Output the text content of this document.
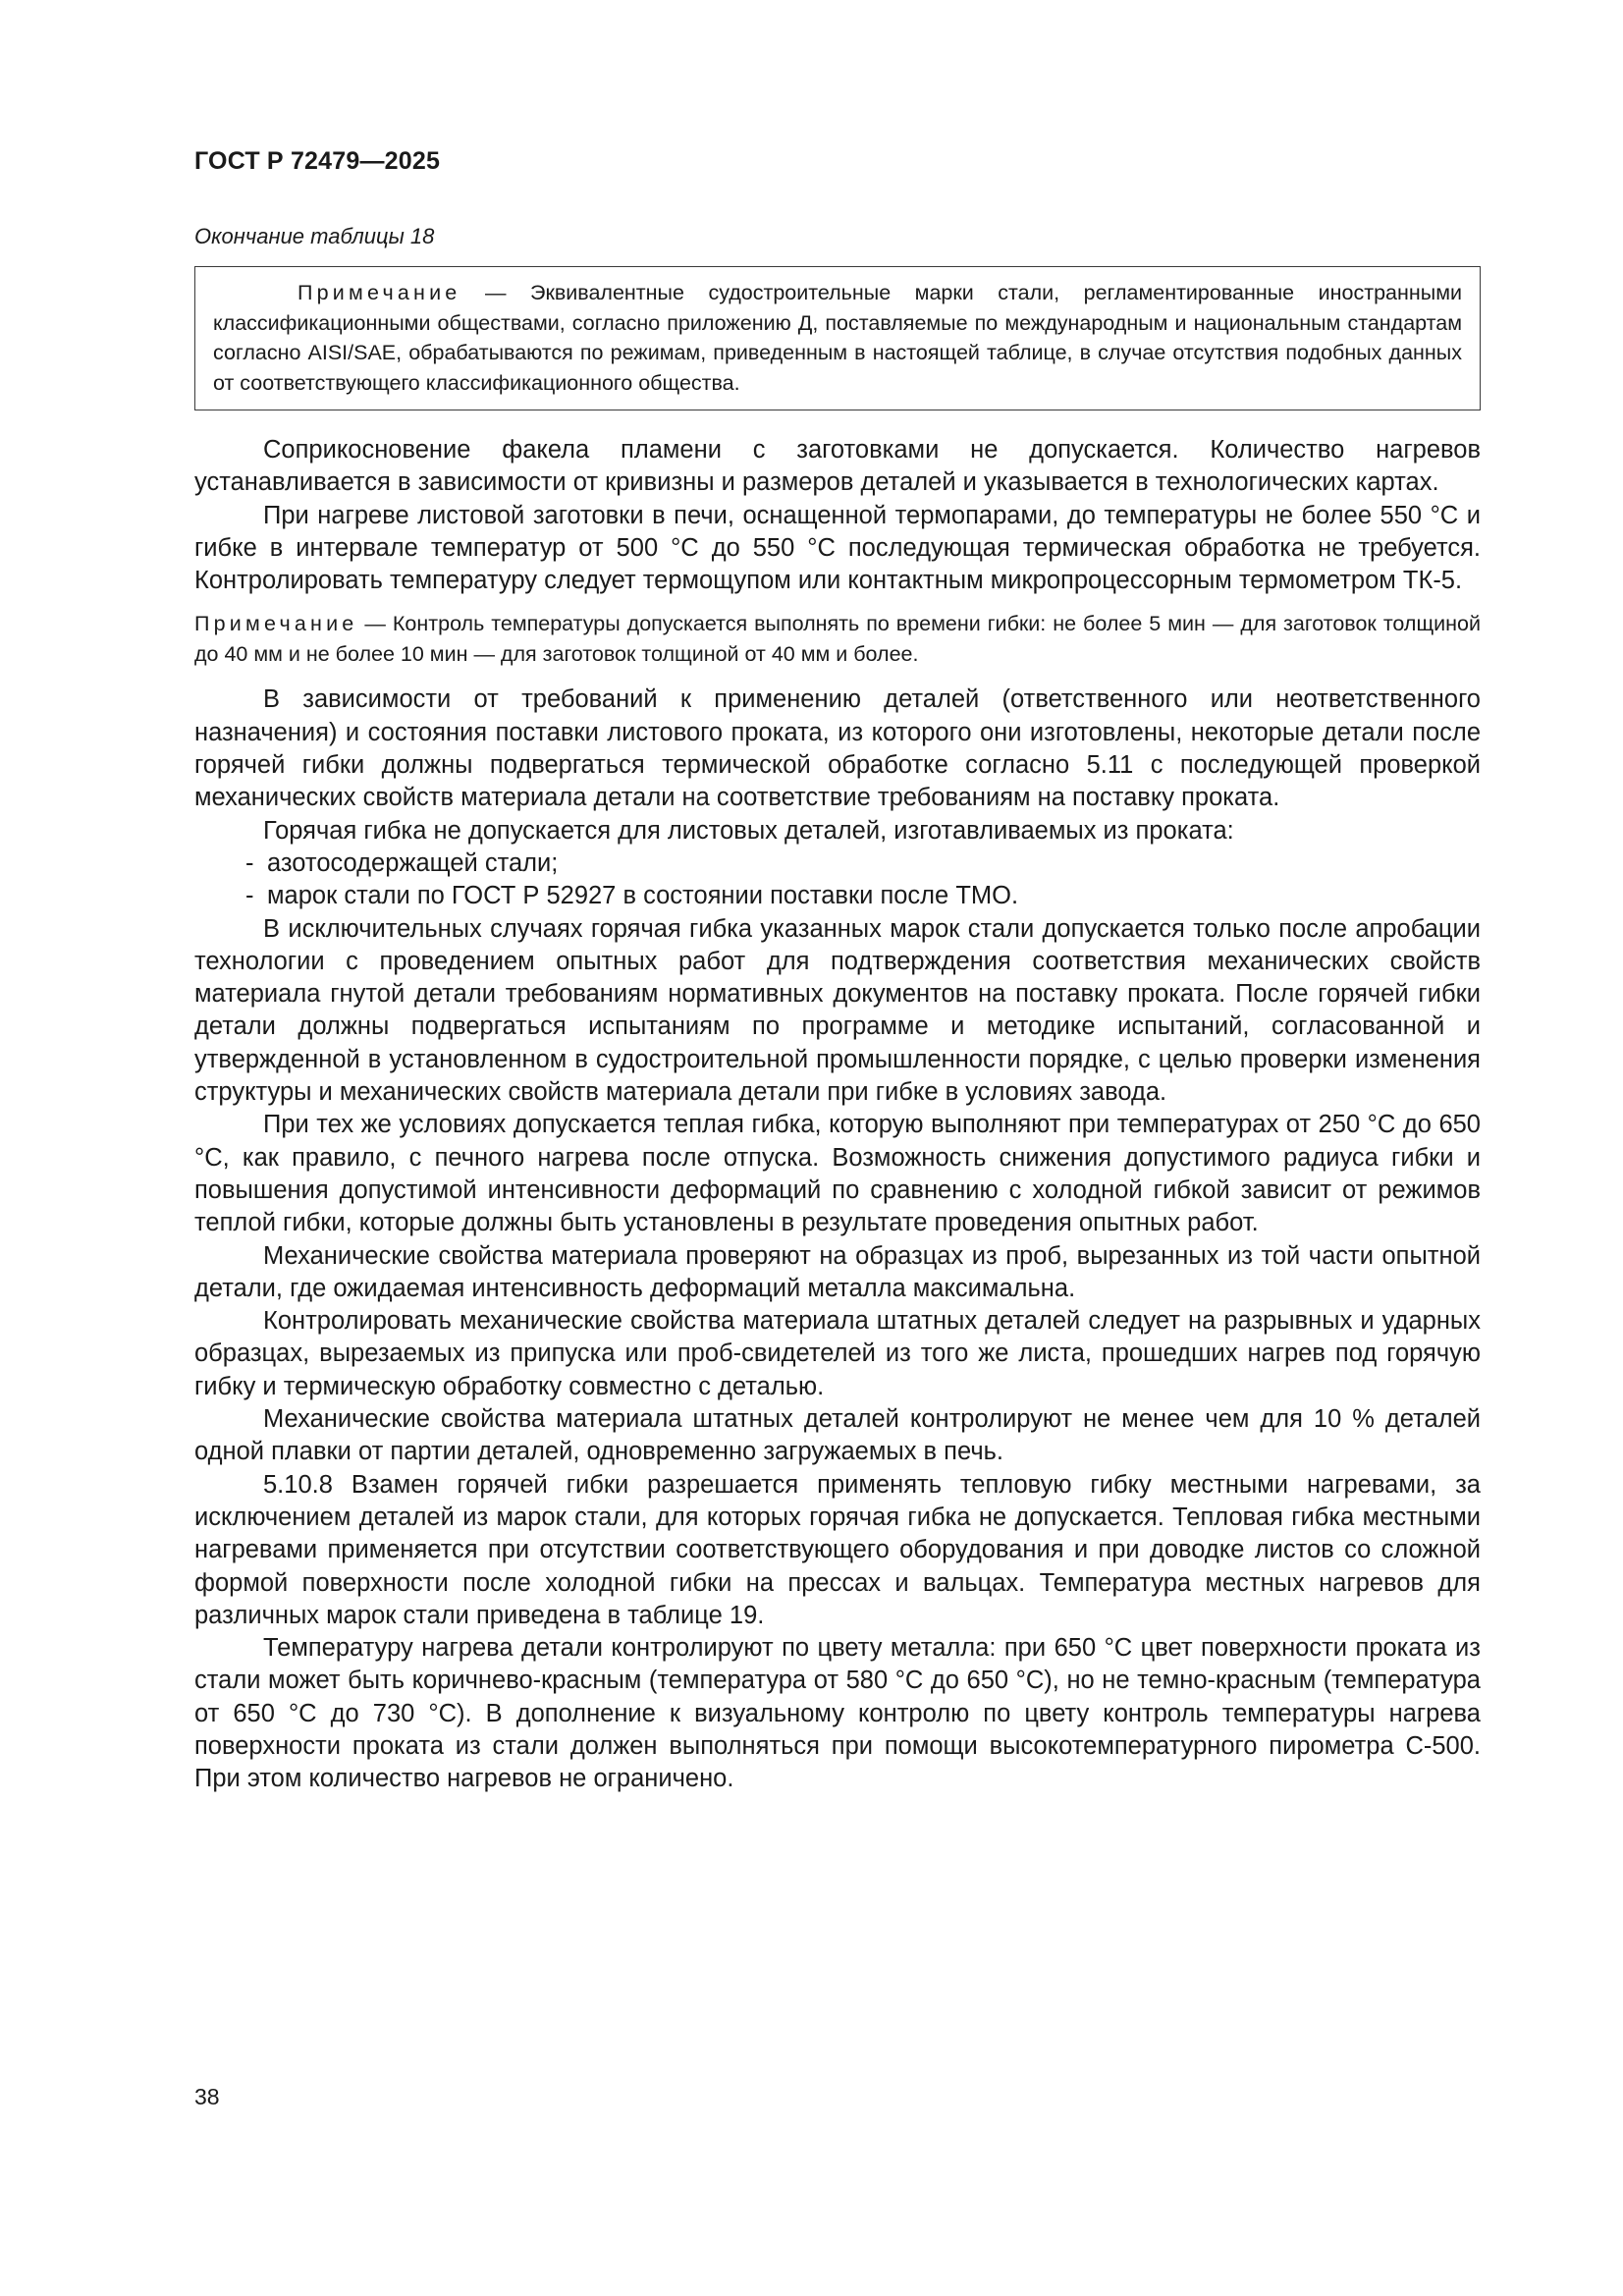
ГОСТ Р 72479—2025
Окончание таблицы 18
Примечание — Эквивалентные судостроительные марки стали, регламентированные иностранными классификационными обществами, согласно приложению Д, поставляемые по международным и национальным стандартам согласно AISI/SAE, обрабатываются по режимам, приведенным в настоящей таблице, в случае отсутствия подобных данных от соответствующего классификационного общества.

Соприкосновение факела пламени с заготовками не допускается. Количество нагревов устанавливается в зависимости от кривизны и размеров деталей и указывается в технологических картах.

При нагреве листовой заготовки в печи, оснащенной термопарами, до температуры не более 550 °С и гибке в интервале температур от 500 °С до 550 °С последующая термическая обработка не требуется. Контролировать температуру следует термощупом или контактным микропроцессорным термометром ТК-5.

Примечание — Контроль температуры допускается выполнять по времени гибки: не более 5 мин — для заготовок толщиной до 40 мм и не более 10 мин — для заготовок толщиной от 40 мм и более.

В зависимости от требований к применению деталей (ответственного или неответственного назначения) и состояния поставки листового проката, из которого они изготовлены, некоторые детали после горячей гибки должны подвергаться термической обработке согласно 5.11 с последующей проверкой механических свойств материала детали на соответствие требованиям на поставку проката.

Горячая гибка не допускается для листовых деталей, изготавливаемых из проката:

- азотосодержащей стали;

- марок стали по ГОСТ Р 52927 в состоянии поставки после ТМО.

В исключительных случаях горячая гибка указанных марок стали допускается только после апробации технологии с проведением опытных работ для подтверждения соответствия механических свойств материала гнутой детали требованиям нормативных документов на поставку проката. После горячей гибки детали должны подвергаться испытаниям по программе и методике испытаний, согласованной и утвержденной в установленном в судостроительной промышленности порядке, с целью проверки изменения структуры и механических свойств материала детали при гибке в условиях завода.

При тех же условиях допускается теплая гибка, которую выполняют при температурах от 250 °С до 650 °С, как правило, с печного нагрева после отпуска. Возможность снижения допустимого радиуса гибки и повышения допустимой интенсивности деформаций по сравнению с холодной гибкой зависит от режимов теплой гибки, которые должны быть установлены в результате проведения опытных работ.

Механические свойства материала проверяют на образцах из проб, вырезанных из той части опытной детали, где ожидаемая интенсивность деформаций металла максимальна.

Контролировать механические свойства материала штатных деталей следует на разрывных и ударных образцах, вырезаемых из припуска или проб-свидетелей из того же листа, прошедших нагрев под горячую гибку и термическую обработку совместно с деталью.

Механические свойства материала штатных деталей контролируют не менее чем для 10 % деталей одной плавки от партии деталей, одновременно загружаемых в печь.

5.10.8 Взамен горячей гибки разрешается применять тепловую гибку местными нагревами, за исключением деталей из марок стали, для которых горячая гибка не допускается. Тепловая гибка местными нагревами применяется при отсутствии соответствующего оборудования и при доводке листов со сложной формой поверхности после холодной гибки на прессах и вальцах. Температура местных нагревов для различных марок стали приведена в таблице 19.

Температуру нагрева детали контролируют по цвету металла: при 650 °С цвет поверхности проката из стали может быть коричнево-красным (температура от 580 °С до 650 °С), но не темно-красным (температура от 650 °С до 730 °С). В дополнение к визуальному контролю по цвету контроль температуры нагрева поверхности проката из стали должен выполняться при помощи высокотемпературного пирометра С-500. При этом количество нагревов не ограничено.

38
